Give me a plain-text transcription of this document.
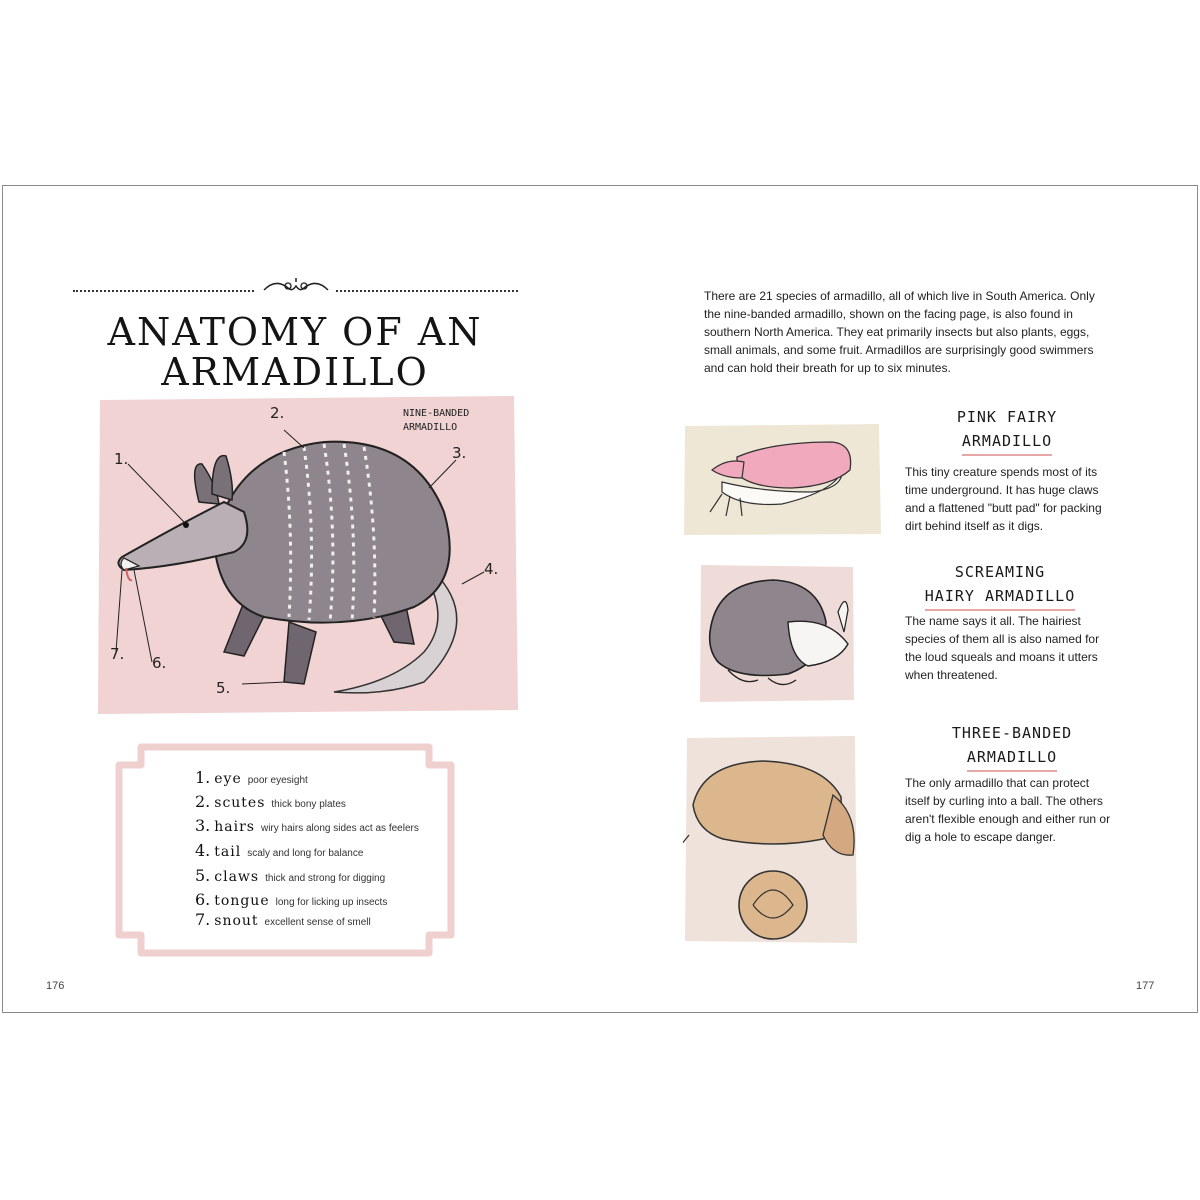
ANATOMY OF AN
ARMADILLO
1.
2.
3.
4.
5.
6.
7.
NINE-BANDED
ARMADILLO
1. eye poor eyesight
2. scutes thick bony plates
3. hairs wiry hairs along sides act as feelers
4. tail scaly and long for balance
5. claws thick and strong for digging
6. tongue long for licking up insects
7. snout excellent sense of smell
176
There are 21 species of armadillo, all of which live in South America. Only the nine-banded armadillo, shown on the facing page, is also found in southern North America. They eat primarily insects but also plants, eggs, small animals, and some fruit. Armadillos are surprisingly good swimmers and can hold their breath for up to six minutes.
PINK FAIRY
ARMADILLO
This tiny creature spends most of its time underground. It has huge claws and a flattened "butt pad" for packing dirt behind itself as it digs.
SCREAMING
HAIRY ARMADILLO
The name says it all. The hairiest species of them all is also named for the loud squeals and moans it utters when threatened.
THREE-BANDED
ARMADILLO
The only armadillo that can protect itself by curling into a ball. The others aren't flexible enough and either run or dig a hole to escape danger.
177
